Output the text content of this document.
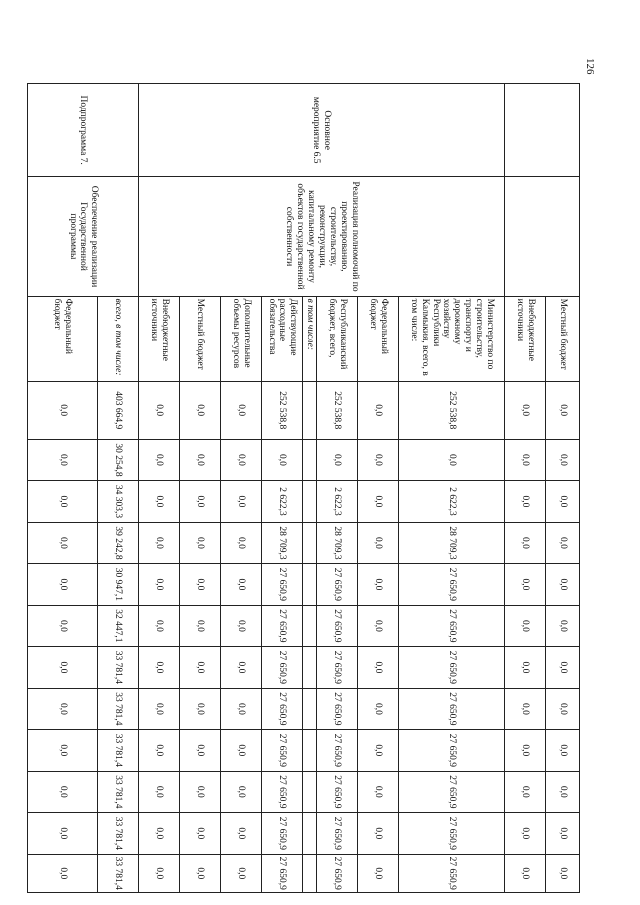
126
		Местный бюджет	0,0	0,0	0,0	0,0	0,0	0,0	0,0	0,0	0,0	0,0	0,0	0,0
		Внебюджетные источники	0,0	0,0	0,0	0,0	0,0	0,0	0,0	0,0	0,0	0,0	0,0	0,0
Основное мероприятие 6.5	Реализация полномочий по проектированию, строительству, реконструкции, капитальному ремонту объектов государственной собственности	Министерство по строительству, транспорту и дорожному хозяйству Республики Калмыкия, всего, в том числе:	252 538,8	0,0	2 622,3	28 709,3	27 650,9	27 650,9	27 650,9	27 650,9	27 650,9	27 650,9	27 650,9	27 650,9
		Федеральный бюджет	0,0	0,0	0,0	0,0	0,0	0,0	0,0	0,0	0,0	0,0	0,0	0,0
		Республиканский бюджет, всего,	252 538,8	0,0	2 622,3	28 709,3	27 650,9	27 650,9	27 650,9	27 650,9	27 650,9	27 650,9	27 650,9	27 650,9
		в том числе:												
		Действующие расходные обязательства	252 538,8	0,0	2 622,3	28 709,3	27 650,9	27 650,9	27 650,9	27 650,9	27 650,9	27 650,9	27 650,9	27 650,9
		Дополнительные объемы ресурсов	0,0	0,0	0,0	0,0	0,0	0,0	0,0	0,0	0,0	0,0	0,0	0,0
		Местный бюджет	0,0	0,0	0,0	0,0	0,0	0,0	0,0	0,0	0,0	0,0	0,0	0,0
		Внебюджетные источники	0,0	0,0	0,0	0,0	0,0	0,0	0,0	0,0	0,0	0,0	0,0	0,0
Подпрограмма 7.	Обеспечение реализации Государственной программы	всего, в том числе:	403 664,9	30 254,8	34 303,3	39 242,8	30 947,1	32 447,1	33 781,4	33 781,4	33 781,4	33 781,4	33 781,4	33 781,4
		Федеральный бюджет	0,0	0,0	0,0	0,0	0,0	0,0	0,0	0,0	0,0	0,0	0,0	0,0
